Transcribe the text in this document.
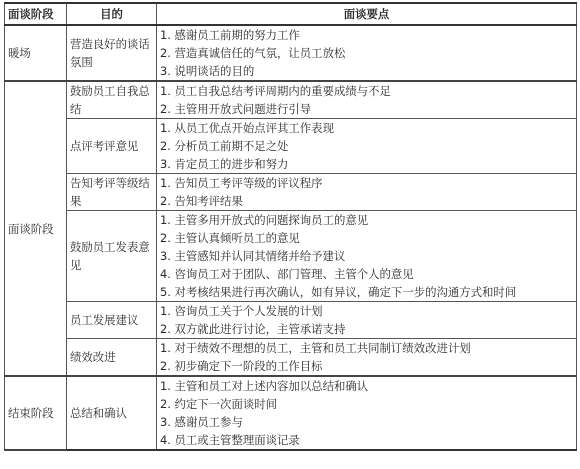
面谈阶段	目的	面谈要点
暖场	营造良好的谈话氛围	1. 感谢员工前期的努力工作
2. 营造真诚信任的气氛，让员工放松
3. 说明谈话的目的

面谈阶段	鼓励员工自我总结	1. 员工自我总结考评周期内的重要成绩与不足
2. 主管用开放式问题进行引导

	点评考评意见	1. 从员工优点开始点评其工作表现
2. 分析员工前期不足之处
3. 肯定员工的进步和努力

	告知考评等级结果	1. 告知员工考评等级的评议程序
2. 告知考评结果

	鼓励员工发表意见	1. 主管多用开放式的问题探询员工的意见
2. 主管认真倾听员工的意见
3. 主管感知并认同其情绪并给予建议
4. 咨询员工对于团队、部门管理、主管个人的意见
5. 对考核结果进行再次确认，如有异议，确定下一步的沟通方式和时间

	员工发展建议	1. 咨询员工关于个人发展的计划
2. 双方就此进行讨论，主管承诺支持

	绩效改进	1. 对于绩效不理想的员工，主管和员工共同制订绩效改进计划
2. 初步确定下一阶段的工作目标

结束阶段	总结和确认	1. 主管和员工对上述内容加以总结和确认
2. 约定下一次面谈时间
3. 感谢员工参与
4. 员工或主管整理面谈记录
